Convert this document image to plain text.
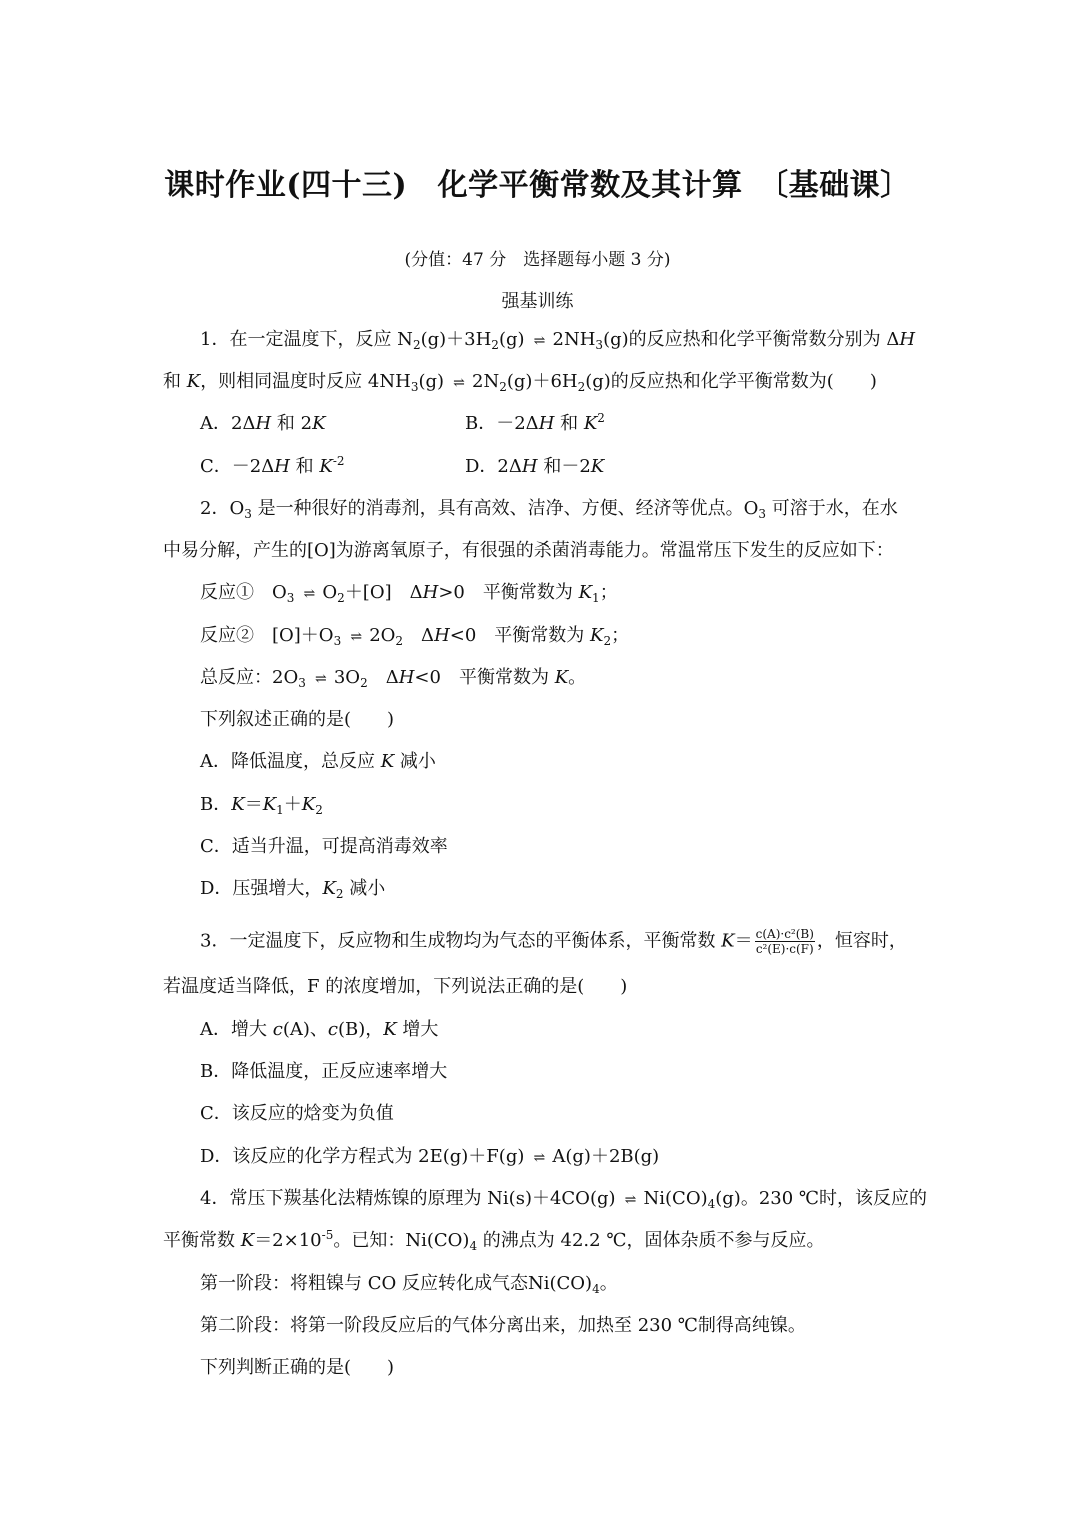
课时作业(四十三)　化学平衡常数及其计算　〔基础课〕
(分值：47 分　选择题每小题 3 分)
强基训练
1．在一定温度下，反应 $N_2(g)+3H_2(g)$ ⇌ $2NH_3(g)$的反应热和化学平衡常数分别为 ΔH
和 K，则相同温度时反应 $4NH_3(g)$ ⇌ $2N_2(g)+6H_2(g)$的反应热和化学平衡常数为(　　)
A．2ΔH 和 2K	B．－2ΔH 和 $K^2$
C．－2ΔH 和 $K^{-2}$	D．2ΔH 和－2K
2．$O_3$ 是一种很好的消毒剂，具有高效、洁净、方便、经济等优点。$O_3$ 可溶于水，在水
中易分解，产生的[O]为游离氧原子，有很强的杀菌消毒能力。常温常压下发生的反应如下：
反应①　$O_3$ ⇌ $O_2+[O]$　ΔH>0　平衡常数为 $K_1$；
反应②　$[O]+O_3$ ⇌ $2O_2$　ΔH<0　平衡常数为 $K_2$；
总反应：$2O_3$ ⇌ $3O_2$　ΔH<0　平衡常数为 K。
下列叙述正确的是(　　)
A．降低温度，总反应 K 减小
B．$K=K_1+K_2$
C．适当升温，可提高消毒效率
D．压强增大，$K_2$ 减小
3．一定温度下，反应物和生成物均为气态的平衡体系，平衡常数 $K= \frac{\text{c(A)·c²(B)}}{\text{c²(E)·c(F)}}$ ，恒容时，
若温度适当降低，F 的浓度增加，下列说法正确的是(　　)
A．增大 c(A)、c(B)，K 增大
B．降低温度，正反应速率增大
C．该反应的焓变为负值
D．该反应的化学方程式为 2E(g)＋F(g) ⇌ A(g)＋2B(g)
4．常压下羰基化法精炼镍的原理为 Ni(s)＋4CO(g) ⇌ $Ni(CO)_4(g)$。230 ℃时，该反应的
平衡常数 $K=2\times 10^{-5}$。已知：$Ni(CO)_4$ 的沸点为 42.2 ℃，固体杂质不参与反应。
第一阶段：将粗镍与 CO 反应转化成气态$Ni(CO)_4$。
第二阶段：将第一阶段反应后的气体分离出来，加热至 230 ℃制得高纯镍。
下列判断正确的是(　　)
